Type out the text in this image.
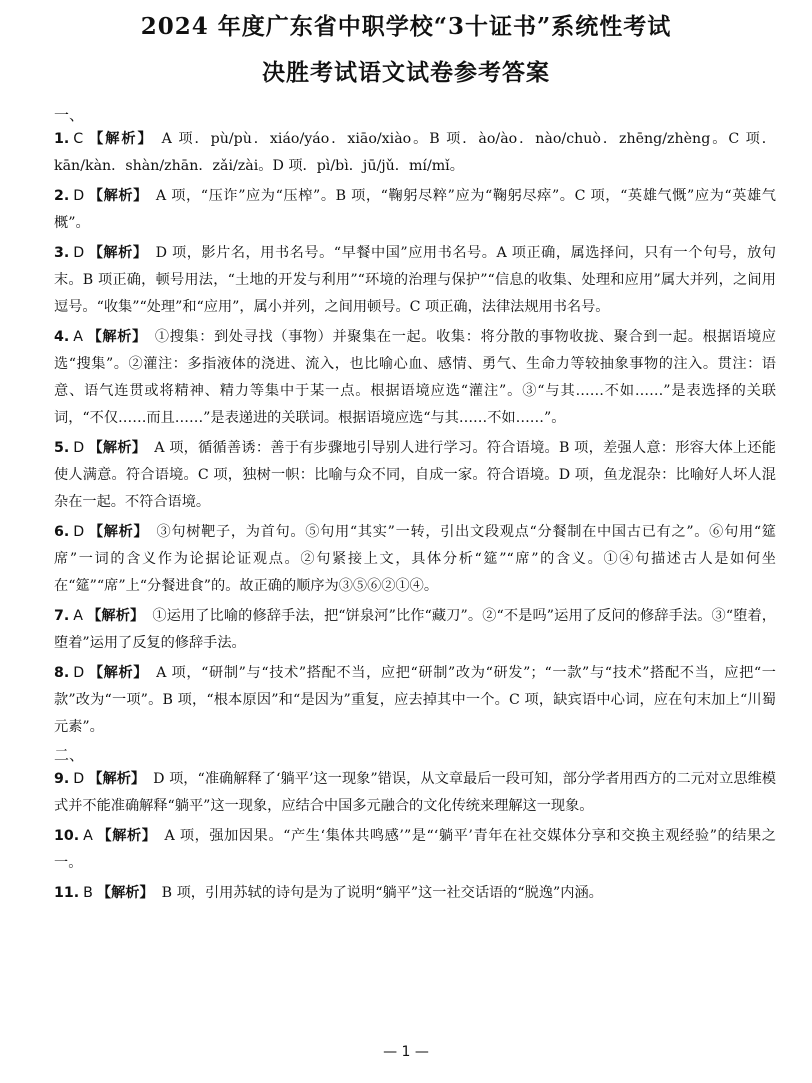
2024 年度广东省中职学校“3十证书”系统性考试
决胜考试语文试卷参考答案
一、

1. C 【解析】 A 项．pù/pù．xiáo/yáo．xiāo/xiào。B 项．ào/ào．nào/chuò．zhēng/zhèng。C 项．kān/kàn．shàn/zhān．zǎi/zài。D 项．pì/bì．jū/jǔ．mí/mǐ。

2. D 【解析】 A 项，“压诈”应为“压榨”。B 项，“鞠躬尽粹”应为“鞠躬尽瘁”。C 项，“英雄气慨”应为“英雄气概”。

3. D 【解析】 D 项，影片名，用书名号。“早餐中国”应用书名号。A 项正确，属选择问，只有一个句号，放句末。B 项正确，顿号用法，“土地的开发与利用”“环境的治理与保护”“信息的收集、处理和应用”属大并列，之间用逗号。“收集”“处理”和“应用”，属小并列，之间用顿号。C 项正确，法律法规用书名号。

4. A 【解析】 ①搜集：到处寻找（事物）并聚集在一起。收集：将分散的事物收拢、聚合到一起。根据语境应选“搜集”。②灌注：多指液体的浇进、流入，也比喻心血、感情、勇气、生命力等较抽象事物的注入。贯注：语意、语气连贯或将精神、精力等集中于某一点。根据语境应选“灌注”。③“与其……不如……”是表选择的关联词，“不仅……而且……”是表递进的关联词。根据语境应选“与其……不如……”。

5. D 【解析】 A 项，循循善诱：善于有步骤地引导别人进行学习。符合语境。B 项，差强人意：形容大体上还能使人满意。符合语境。C 项，独树一帜：比喻与众不同，自成一家。符合语境。D 项，鱼龙混杂：比喻好人坏人混杂在一起。不符合语境。

6. D 【解析】 ③句树靶子，为首句。⑤句用“其实”一转，引出文段观点“分餐制在中国古已有之”。⑥句用“筵席”一词的含义作为论据论证观点。②句紧接上文，具体分析“筵”“席”的含义。①④句描述古人是如何坐在“筵”“席”上“分餐进食”的。故正确的顺序为③⑤⑥②①④。

7. A 【解析】 ①运用了比喻的修辞手法，把“饼泉河”比作“藏刀”。②“不是吗”运用了反问的修辞手法。③“堕着，堕着”运用了反复的修辞手法。

8. D 【解析】 A 项，“研制”与“技术”搭配不当，应把“研制”改为“研发”；“一款”与“技术”搭配不当，应把“一款”改为“一项”。B 项，“根本原因”和“是因为”重复，应去掉其中一个。C 项，缺宾语中心词，应在句末加上“川蜀元素”。

二、

9. D 【解析】 D 项，“准确解释了‘躺平’这一现象”错误，从文章最后一段可知，部分学者用西方的二元对立思维模式并不能准确解释“躺平”这一现象，应结合中国多元融合的文化传统来理解这一现象。

10. A 【解析】 A 项，强加因果。“产生‘集体共鸣感’”是“‘躺平’青年在社交媒体分享和交换主观经验”的结果之一。

11. B 【解析】 B 项，引用苏轼的诗句是为了说明“躺平”这一社交话语的“脱逸”内涵。

— 1 —
